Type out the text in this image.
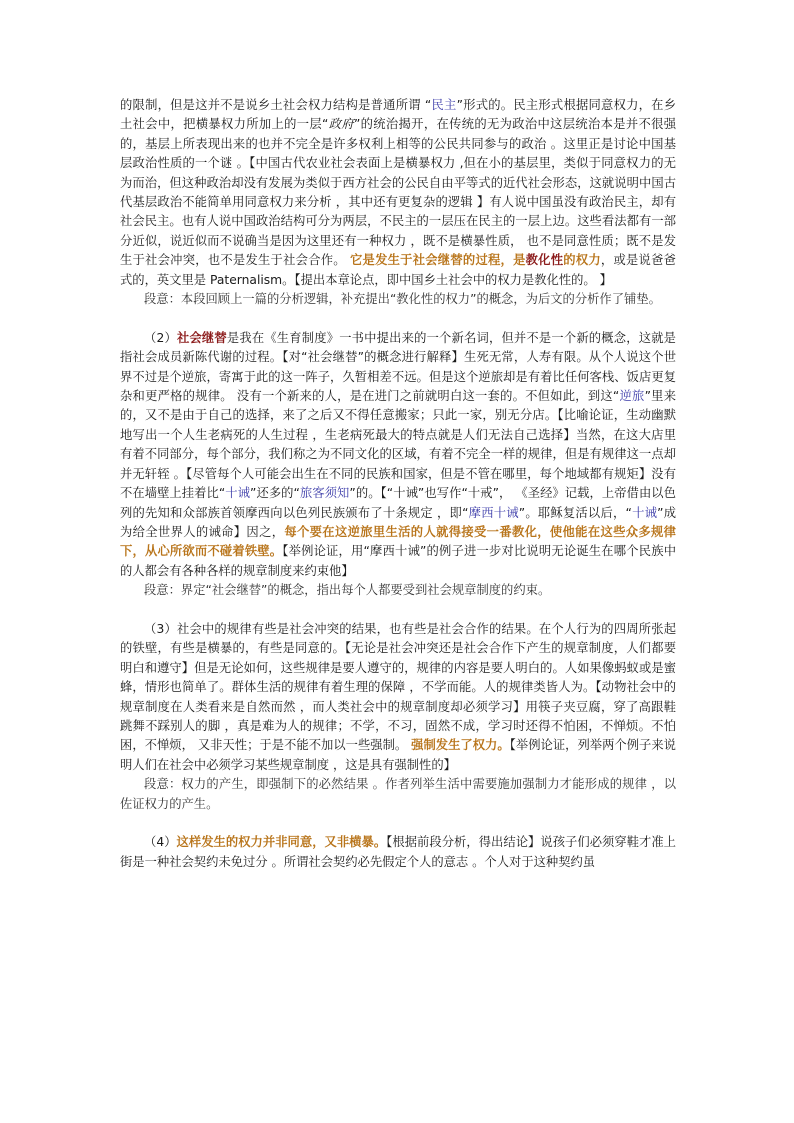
的限制，但是这并不是说乡土社会权力结构是普通所谓 “民主”形式的。民主形式根据同意权力，在乡土社会中，把横暴权力所加上的一层“政府”的统治揭开，在传统的无为政治中这层统治本是并不很强的，基层上所表现出来的也并不完全是许多权利上相等的公民共同参与的政治 。这里正是讨论中国基层政治性质的一个谜 。【中国古代农业社会表面上是横暴权力 ,但在小的基层里，类似于同意权力的无为而治，但这种政治却没有发展为类似于西方社会的公民自由平等式的近代社会形态，这就说明中国古代基层政治不能简单用同意权力来分析 ，其中还有更复杂的逻辑 】有人说中国虽没有政治民主，却有社会民主。也有人说中国政治结构可分为两层，不民主的一层压在民主的一层上边。这些看法都有一部分近似，说近似而不说确当是因为这里还有一种权力 ，既不是横暴性质， 也不是同意性质；既不是发生于社会冲突，也不是发生于社会合作。 它是发生于社会继替的过程，是教化性的权力，或是说爸爸式的，英文里是 Paternalism。【提出本章论点，即中国乡土社会中的权力是教化性的。 】

段意：本段回顾上一篇的分析逻辑，补充提出“教化性的权力”的概念，为后文的分析作了铺垫。

（2）社会继替是我在《生育制度》一书中提出来的一个新名词，但并不是一个新的概念，这就是指社会成员新陈代谢的过程。【对“社会继替”的概念进行解释】生死无常，人寿有限。从个人说这个世界不过是个逆旅，寄寓于此的这一阵子，久暂相差不远。但是这个逆旅却是有着比任何客栈、饭店更复杂和更严格的规律。 没有一个新来的人，是在进门之前就明白这一套的。不但如此，到这“逆旅”里来的，又不是由于自己的选择，来了之后又不得任意搬家；只此一家，别无分店。【比喻论证，生动幽默地写出一个人生老病死的人生过程 ，生老病死最大的特点就是人们无法自己选择】当然，在这大店里有着不同部分，每个部分，我们称之为不同文化的区域，有着不完全一样的规律，但是有规律这一点却并无轩轾 。【尽管每个人可能会出生在不同的民族和国家，但是不管在哪里，每个地域都有规矩】没有不在墙壁上挂着比“十诫”还多的“旅客须知”的。【“十诫”也写作“十戒”， 《圣经》记载，上帝借由以色列的先知和众部族首领摩西向以色列民族颁布了十条规定 ，即“摩西十诫”。耶稣复活以后，“十诫”成为给全世界人的诫命】因之，每个要在这逆旅里生活的人就得接受一番教化，使他能在这些众多规律下，从心所欲而不碰着铁壁。【举例论证，用“摩西十诫”的例子进一步对比说明无论诞生在哪个民族中的人都会有各种各样的规章制度来约束他】

段意：界定“社会继替”的概念，指出每个人都要受到社会规章制度的约束。

（3）社会中的规律有些是社会冲突的结果，也有些是社会合作的结果。在个人行为的四周所张起的铁壁，有些是横暴的，有些是同意的。【无论是社会冲突还是社会合作下产生的规章制度，人们都要明白和遵守】但是无论如何，这些规律是要人遵守的，规律的内容是要人明白的。人如果像蚂蚁或是蜜蜂，情形也简单了。群体生活的规律有着生理的保障 ，不学而能。人的规律类皆人为。【动物社会中的规章制度在人类看来是自然而然 ，而人类社会中的规章制度却必须学习】用筷子夹豆腐，穿了高跟鞋跳舞不踩别人的脚 ，真是难为人的规律；不学，不习，固然不成，学习时还得不怕困，不惮烦。不怕困，不惮烦， 又非天性；于是不能不加以一些强制。 强制发生了权力。【举例论证，列举两个例子来说明人们在社会中必须学习某些规章制度 ，这是具有强制性的】

段意：权力的产生，即强制下的必然结果 。作者列举生活中需要施加强制力才能形成的规律 ，以佐证权力的产生。

（4）这样发生的权力并非同意，又非横暴。【根据前段分析，得出结论】说孩子们必须穿鞋才准上街是一种社会契约未免过分 。所谓社会契约必先假定个人的意志 。个人对于这种契约虽
